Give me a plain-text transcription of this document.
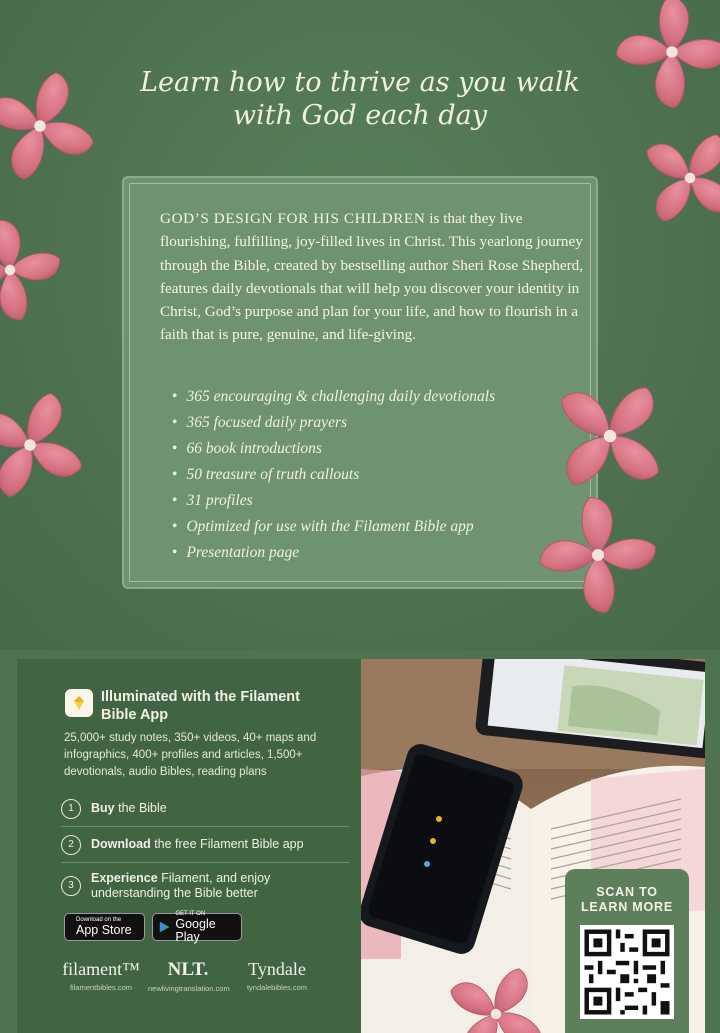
Learn how to thrive as you walk
with God each day

GOD’S DESIGN FOR HIS CHILDREN is that they live flourishing, fulfilling, joy-filled lives in Christ. This yearlong journey through the Bible, created by bestselling author Sheri Rose Shepherd, features daily devotionals that will help you discover your identity in Christ, God’s purpose and plan for your life, and how to flourish in a faith that is pure, genuine, and life-giving.

• 365 encouraging & challenging daily devotionals
• 365 focused daily prayers
• 66 book introductions
• 50 treasure of truth callouts
• 31 profiles
• Optimized for use with the Filament Bible app
• Presentation page
Illuminated with the Filament Bible App
25,000+ study notes, 350+ videos, 40+ maps and infographics, 400+ profiles and articles, 1,500+ devotionals, audio Bibles, reading plans
1	Buy the Bible
2	Download the free Filament Bible app
3
Experience Filament, and enjoy understanding the Bible better
Download on the
App Store
GET IT ON
Google Play
filament™
filamentbibles.com
NLT.
newlivingtranslation.com
Tyndale
tyndalebibles.com
SCAN TO
LEARN MORE
